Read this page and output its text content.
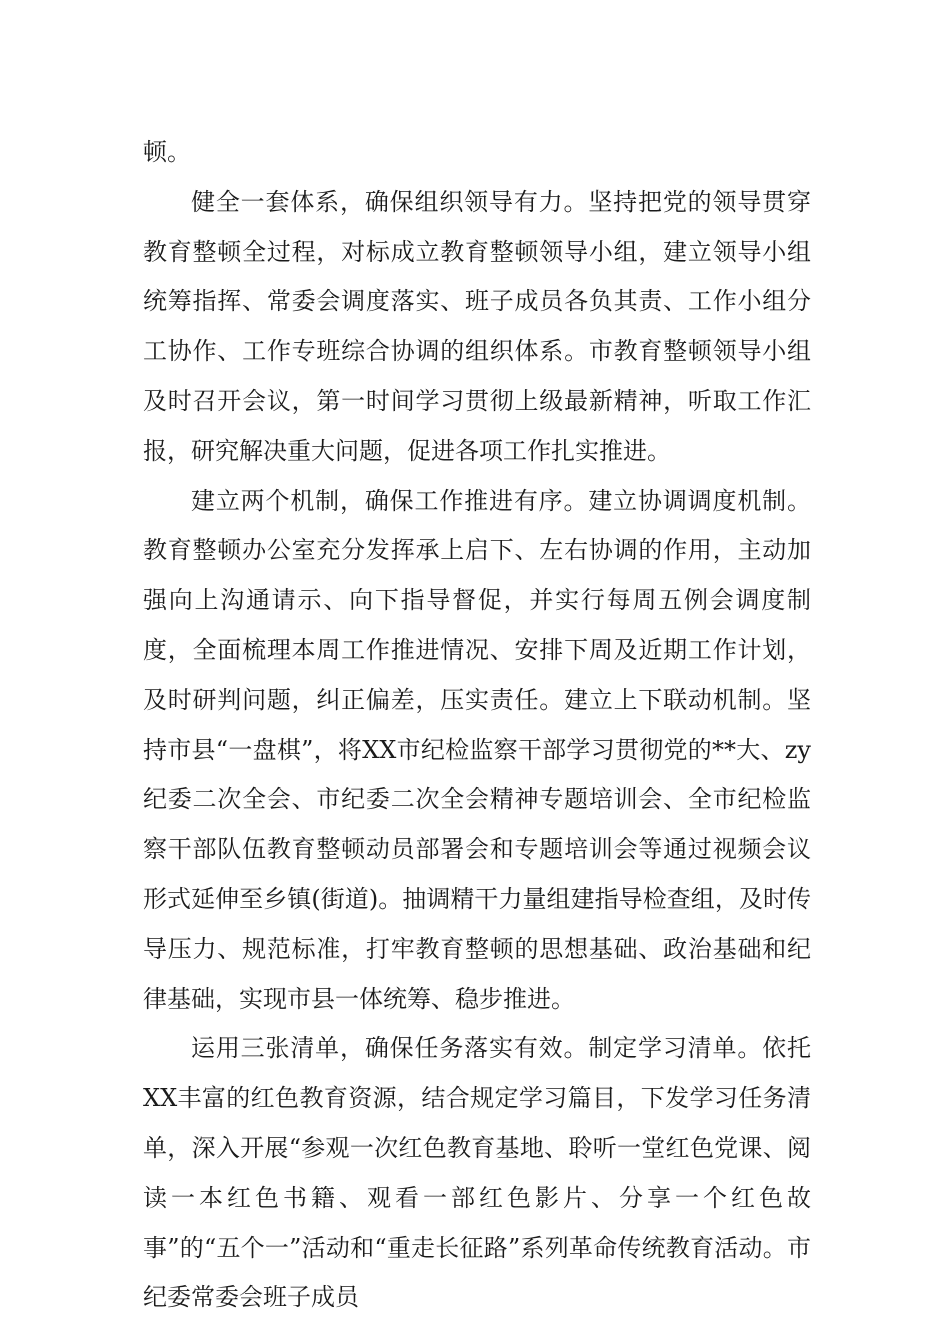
顿。

健全一套体系，确保组织领导有力。坚持把党的领导贯穿教育整顿全过程，对标成立教育整顿领导小组，建立领导小组统筹指挥、常委会调度落实、班子成员各负其责、工作小组分工协作、工作专班综合协调的组织体系。市教育整顿领导小组及时召开会议，第一时间学习贯彻上级最新精神，听取工作汇报，研究解决重大问题，促进各项工作扎实推进。

建立两个机制，确保工作推进有序。建立协调调度机制。教育整顿办公室充分发挥承上启下、左右协调的作用，主动加强向上沟通请示、向下指导督促，并实行每周五例会调度制度，全面梳理本周工作推进情况、安排下周及近期工作计划，及时研判问题，纠正偏差，压实责任。建立上下联动机制。坚持市县“一盘棋”，将XX市纪检监察干部学习贯彻党的**大、zy纪委二次全会、市纪委二次全会精神专题培训会、全市纪检监察干部队伍教育整顿动员部署会和专题培训会等通过视频会议形式延伸至乡镇(街道)。抽调精干力量组建指导检查组，及时传导压力、规范标准，打牢教育整顿的思想基础、政治基础和纪律基础，实现市县一体统筹、稳步推进。

运用三张清单，确保任务落实有效。制定学习清单。依托XX丰富的红色教育资源，结合规定学习篇目，下发学习任务清单，深入开展“参观一次红色教育基地、聆听一堂红色党课、阅读一本红色书籍、观看一部红色影片、分享一个红色故事”的“五个一”活动和“重走长征路”系列革命传统教育活动。市纪委常委会班子成员
